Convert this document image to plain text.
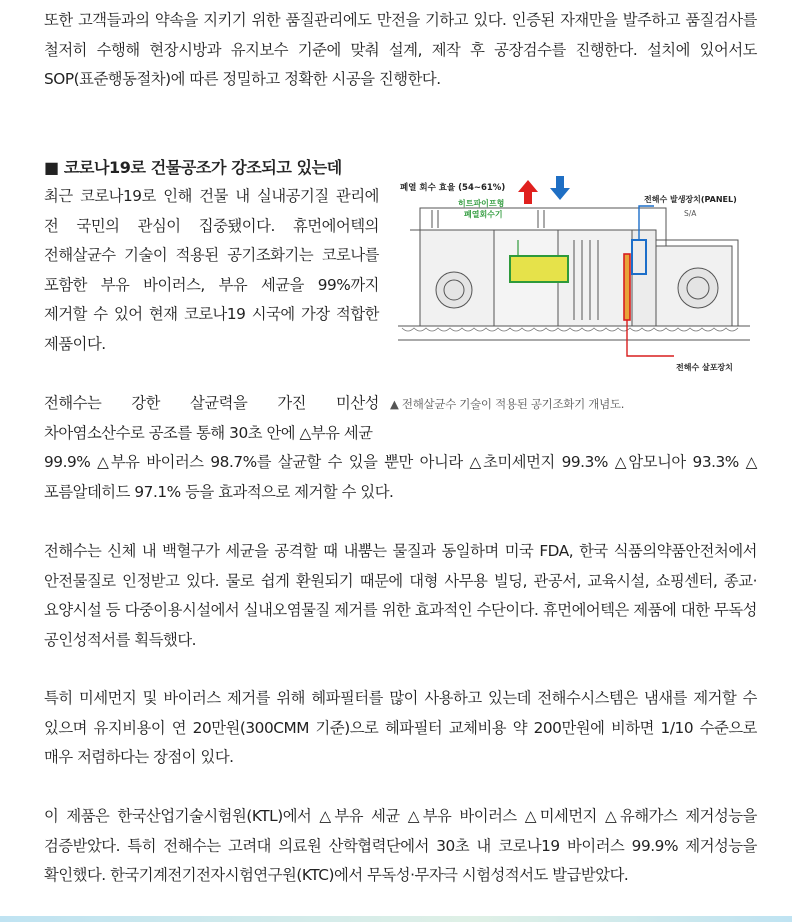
또한 고객들과의 약속을 지키기 위한 품질관리에도 만전을 기하고 있다. 인증된 자재만을 발주하고 품질검사를 철저히 수행해 현장시방과 유지보수 기준에 맞춰 설계, 제작 후 공장검수를 진행한다. 설치에 있어서도 SOP(표준행동절차)에 따른 정밀하고 정확한 시공을 진행한다.

■ 코로나19로 건물공조가 강조되고 있는데

최근 코로나19로 인해 건물 내 실내공기질 관리에 전 국민의 관심이 집중됐이다. 휴먼에어텍의 전해살균수 기술이 적용된 공기조화기는 코로나를 포함한 부유 바이러스, 부유 세균을 99%까지 제거할 수 있어 현재 코로나19 시국에 가장 적합한 제품이다.

전해수는 강한 살균력을 가진 미산성 차아염소산수로 공조를 통해 30초 안에 △부유 세균

99.9% △부유 바이러스 98.7%를 살균할 수 있을 뿐만 아니라 △초미세먼지 99.3% △암모니아 93.3% △포름알데히드 97.1% 등을 효과적으로 제거할 수 있다.

폐열 회수 효율 (54~61%)
히트파이프형
폐열회수기
전해수 발생장치(PANEL)
S/A
전해수 살포장치
▲ 전해살균수 기술이 적용된 공기조화기 개념도.

전해수는 신체 내 백혈구가 세균을 공격할 때 내뿜는 물질과 동일하며 미국 FDA, 한국 식품의약품안전처에서 안전물질로 인정받고 있다. 물로 쉽게 환원되기 때문에 대형 사무용 빌딩, 관공서, 교육시설, 쇼핑센터, 종교·요양시설 등 다중이용시설에서 실내오염물질 제거를 위한 효과적인 수단이다. 휴먼에어텍은 제품에 대한 무독성 공인성적서를 획득했다.

특히 미세먼지 및 바이러스 제거를 위해 헤파필터를 많이 사용하고 있는데 전해수시스템은 냄새를 제거할 수 있으며 유지비용이 연 20만원(300CMM 기준)으로 헤파필터 교체비용 약 200만원에 비하면 1/10 수준으로 매우 저렴하다는 장점이 있다.

이 제품은 한국산업기술시험원(KTL)에서 △부유 세균 △부유 바이러스 △미세먼지 △유해가스 제거성능을 검증받았다. 특히 전해수는 고려대 의료원 산학협력단에서 30초 내 코로나19 바이러스 99.9% 제거성능을 확인했다. 한국기계전기전자시험연구원(KTC)에서 무독성·무자극 시험성적서도 발급받았다.
